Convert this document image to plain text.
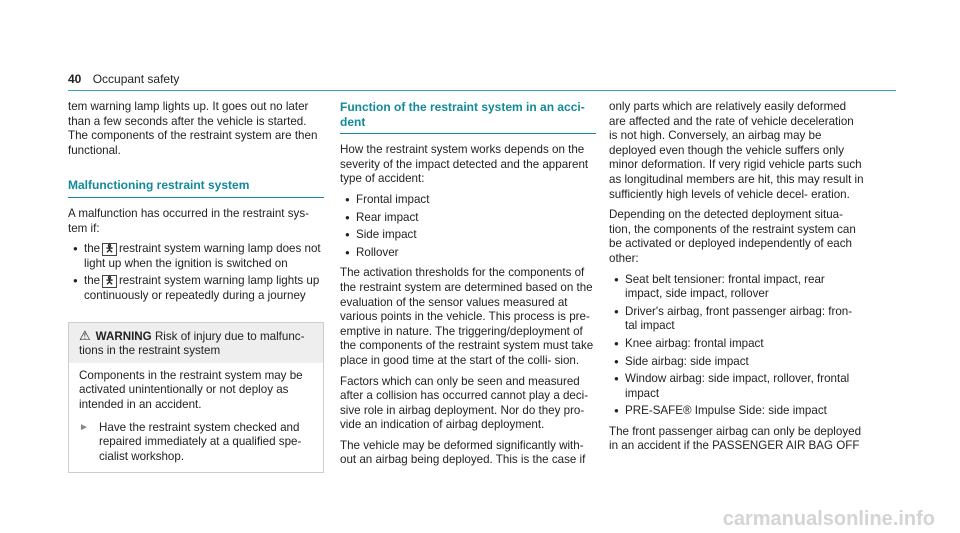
40 Occupant safety

tem warning lamp lights up. It goes out no later than a few seconds after the vehicle is started. The components of the restraint system are then functional.

Malfunctioning restraint system

A malfunction has occurred in the restraint sys- tem if:

● the 🯅 restraint system warning lamp does not light up when the ignition is switched on
● the 🯅 restraint system warning lamp lights up continuously or repeatedly during a journey
⚠ WARNING Risk of injury due to malfunc- tions in the restraint system
Components in the restraint system may be activated unintentionally or not deploy as intended in an accident.
► Have the restraint system checked and repaired immediately at a qualified spe- cialist workshop.
Function of the restraint system in an acci- dent

How the restraint system works depends on the severity of the impact detected and the apparent type of accident:

● Frontal impact
● Rear impact
● Side impact
● Rollover

The activation thresholds for the components of the restraint system are determined based on the evaluation of the sensor values measured at various points in the vehicle. This process is pre- emptive in nature. The triggering/deployment of the components of the restraint system must take place in good time at the start of the colli- sion.

Factors which can only be seen and measured after a collision has occurred cannot play a deci- sive role in airbag deployment. Nor do they pro- vide an indication of airbag deployment.

The vehicle may be deformed significantly with- out an airbag being deployed. This is the case if

only parts which are relatively easily deformed are affected and the rate of vehicle deceleration is not high. Conversely, an airbag may be deployed even though the vehicle suffers only minor deformation. If very rigid vehicle parts such as longitudinal members are hit, this may result in sufficiently high levels of vehicle decel- eration.

Depending on the detected deployment situa- tion, the components of the restraint system can be activated or deployed independently of each other:

● Seat belt tensioner: frontal impact, rear impact, side impact, rollover
● Driver's airbag, front passenger airbag: fron- tal impact
● Knee airbag: frontal impact
● Side airbag: side impact
● Window airbag: side impact, rollover, frontal impact
● PRE-SAFE® Impulse Side: side impact

The front passenger airbag can only be deployed in an accident if the PASSENGER AIR BAG OFF

carmanualsonline.info
